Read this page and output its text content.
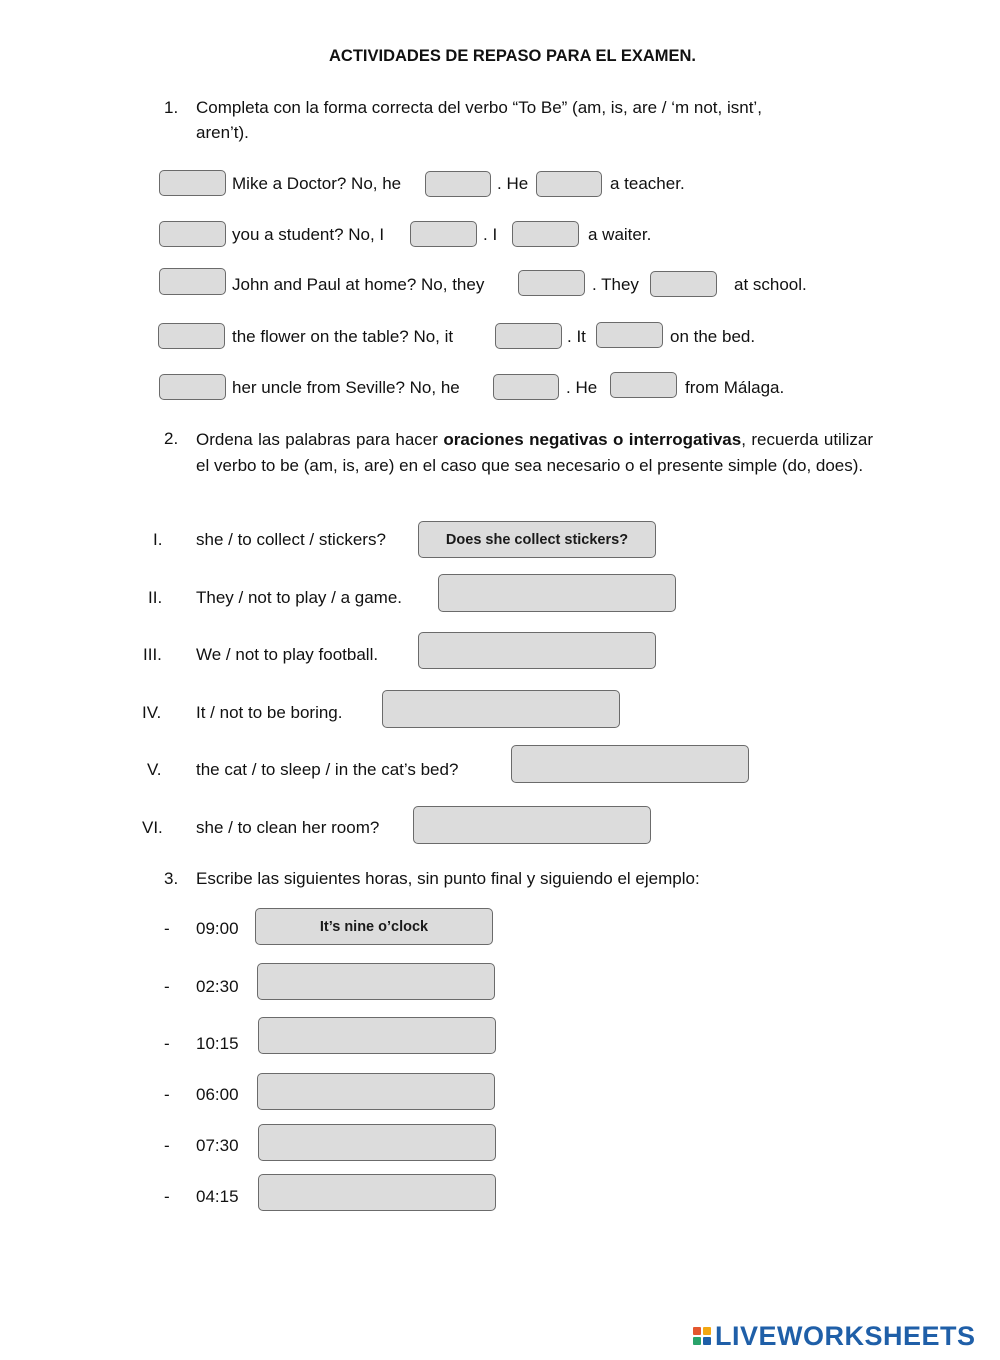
ACTIVIDADES DE REPASO PARA EL EXAMEN.
1. Completa con la forma correcta del verbo “To Be” (am, is, are / ‘m not, isnt’,
aren’t).
Mike a Doctor? No, he	. He	a teacher.
you a student? No, I	. I	a waiter.
John and Paul at home? No, they	. They	at school.
the flower on the table? No, it	. It	on the bed.
her uncle from Seville? No, he	. He	from Málaga.
2. Ordena las palabras para hacer oraciones negativas o interrogativas, recuerda utilizar el verbo to be (am, is, are) en el caso que sea necesario o el presente simple (do, does).
I. she / to collect / stickers?	Does she collect stickers?
II. They / not to play / a game.
III. We / not to play football.
IV. It / not to be boring.
V. the cat / to sleep / in the cat’s bed?
VI. she / to clean her room?
3. Escribe las siguientes horas, sin punto final y siguiendo el ejemplo:
- 09:00	It’s nine o’clock
- 02:30
- 10:15
- 06:00
- 07:30
- 04:15
LIVEWORKSHEETS
